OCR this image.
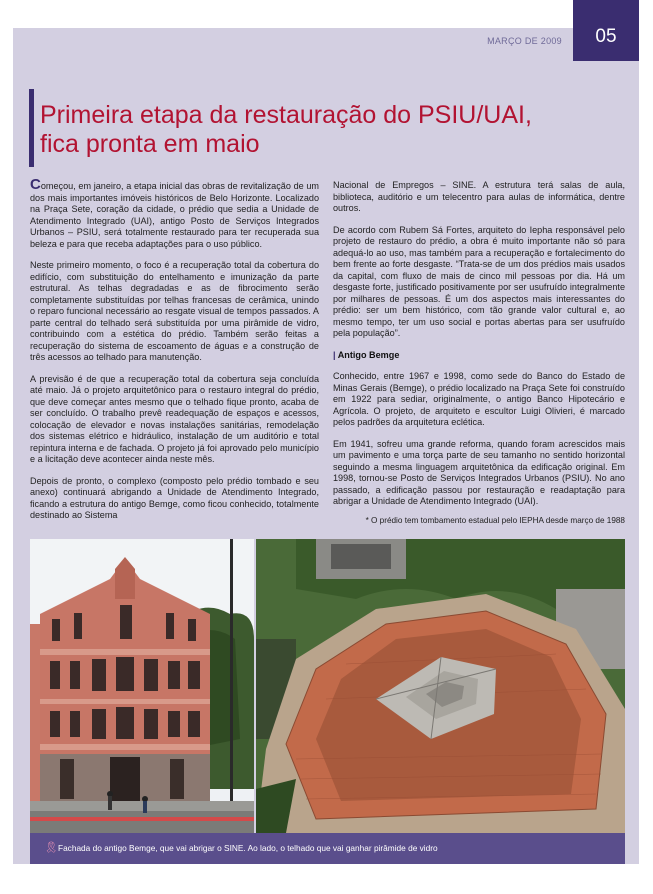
05
MARÇO DE 2009
Primeira etapa da restauração do PSIU/UAI,
fica pronta em maio

Começou, em janeiro, a etapa inicial das obras de revitalização de um dos mais importantes imóveis históricos de Belo Horizonte. Localizado na Praça Sete, coração da cidade, o prédio que sedia a Unidade de Atendimento Integrado (UAI), antigo Posto de Serviços Integrados Urbanos – PSIU, será totalmente restaurado para ter recuperada sua beleza e para que receba adaptações para o uso público.

Neste primeiro momento, o foco é a recuperação total da cobertura do edifício, com substituição do entelhamento e imunização da parte estrutural. As telhas degradadas e as de fibrocimento serão completamente substituídas por telhas francesas de cerâmica, unindo o reparo funcional necessário ao resgate visual de tempos passados. A parte central do telhado será substituída por uma pirâmide de vidro, contribuindo com a estética do prédio. Também serão feitas a recuperação do sistema de escoamento de águas e a construção de três acessos ao telhado para manutenção.

A previsão é de que a recuperação total da cobertura seja concluída até maio. Já o projeto arquitetônico para o restauro integral do prédio, que deve começar antes mesmo que o telhado fique pronto, acaba de ser concluído. O trabalho prevê readequação de espaços e acessos, colocação de elevador e novas instalações sanitárias, remodelação dos sistemas elétrico e hidráulico, instalação de um auditório e total repintura interna e de fachada. O projeto já foi aprovado pelo município e a licitação deve acontecer ainda neste mês.

Depois de pronto, o complexo (composto pelo prédio tombado e seu anexo) continuará abrigando a Unidade de Atendimento Integrado, ficando a estrutura do antigo Bemge, como ficou conhecido, totalmente destinado ao Sistema

Nacional de Empregos – SINE. A estrutura terá salas de aula, biblioteca, auditório e um telecentro para aulas de informática, dentre outros.

De acordo com Rubem Sá Fortes, arquiteto do Iepha responsável pelo projeto de restauro do prédio, a obra é muito importante não só para adequá-lo ao uso, mas também para a recuperação e fortalecimento do bem frente ao forte desgaste. “Trata-se de um dos prédios mais usados da capital, com fluxo de mais de cinco mil pessoas por dia. Há um desgaste forte, justificado positivamente por ser usufruído integralmente por milhares de pessoas. É um dos aspectos mais interessantes do prédio: ser um bem histórico, com tão grande valor cultural e, ao mesmo tempo, ter um uso social e portas abertas para ser usufruído pela população”.

| Antigo Bemge

Conhecido, entre 1967 e 1998, como sede do Banco do Estado de Minas Gerais (Bemge), o prédio localizado na Praça Sete foi construído em 1922 para sediar, originalmente, o antigo Banco Hipotecário e Agrícola. O projeto, de arquiteto e escultor Luigi Olivieri, é marcado pelos padrões da arquitetura eclética.

Em 1941, sofreu uma grande reforma, quando foram acrescidos mais um pavimento e uma torça parte de seu tamanho no sentido horizontal seguindo a mesma linguagem arquitetônica da edificação original. Em 1998, tornou-se Posto de Serviços Integrados Urbanos (PSIU). No ano passado, a edificação passou por restauração e readaptação para abrigar a Unidade de Atendimento Integrado (UAI).

* O prédio tem tombamento estadual pelo IEPHA desde março de 1988
🎗︎ Fachada do antigo Bemge, que vai abrigar o SINE. Ao lado, o telhado que vai ganhar pirâmide de vidro
